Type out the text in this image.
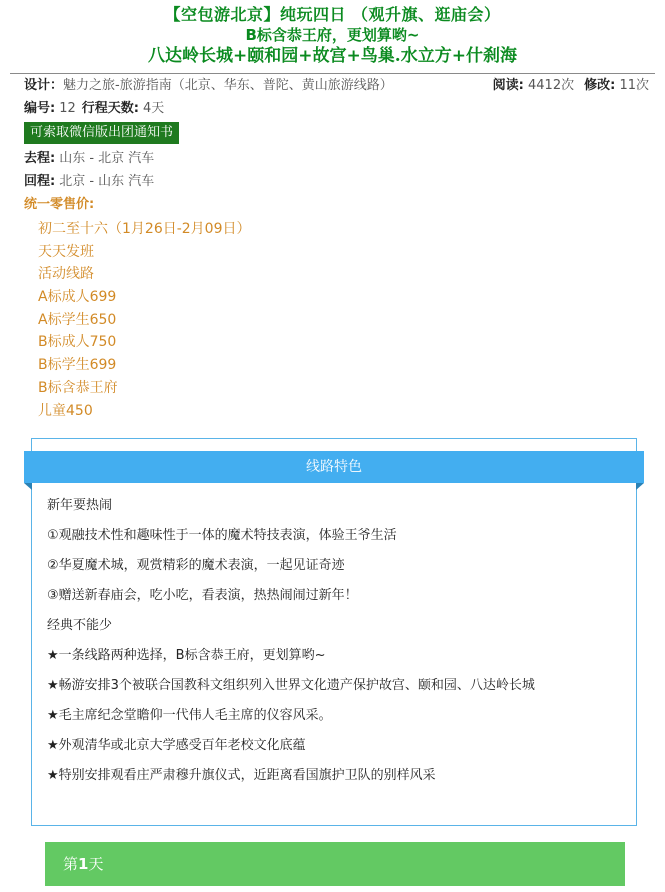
【空包游北京】纯玩四日 （观升旗、逛庙会）
B标含恭王府，更划算哟~
八达岭长城+颐和园+故宫+鸟巢.水立方+什刹海
设计： 魅力之旅-旅游指南（北京、华东、普陀、黄山旅游线路）	阅读: 4412次 修改: 11次
编号: 12 行程天数: 4天
可索取微信版出团通知书
去程: 山东 - 北京 汽车
回程: 北京 - 山东 汽车
统一零售价:
初二至十六（1月26日-2月09日）
天天发班
活动线路
A标成人699
A标学生650
B标成人750
B标学生699
B标含恭王府
儿童450
线路特色

新年要热闹

①观融技术性和趣味性于一体的魔术特技表演，体验王爷生活

②华夏魔术城，观赏精彩的魔术表演，一起见证奇迹

③赠送新春庙会，吃小吃，看表演，热热闹闹过新年！

经典不能少

★一条线路两种选择，B标含恭王府，更划算哟~

★畅游安排3个被联合国教科文组织列入世界文化遗产保护故宫、颐和园、八达岭长城

★毛主席纪念堂瞻仰一代伟人毛主席的仪容风采。

★外观清华或北京大学感受百年老校文化底蕴

★特别安排观看庄严肃穆升旗仪式，近距离看国旗护卫队的别样风采

第1天
